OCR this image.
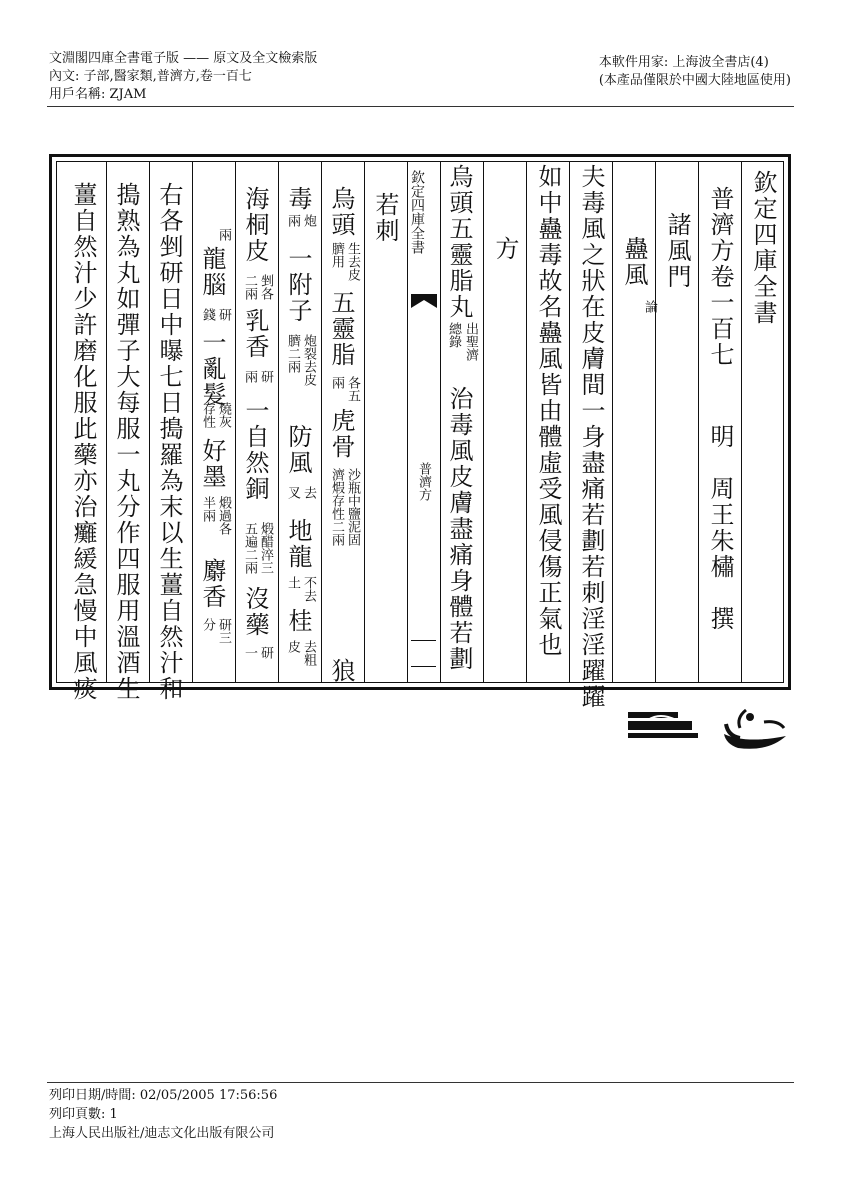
文淵閣四庫全書電子版 —— 原文及全文檢索版
內文: 子部,醫家類,普濟方,卷一百七
用戶名稱: ZJAM
本軟件用家: 上海波全書店(4)
(本產品僅限於中國大陸地區使用)
欽定四庫全書
普濟方卷一百七
明　周王朱橚　撰
諸風門
蠱風
論
夫毒風之狀在皮膚間一身盡痛若劃若刺淫淫躍躍
如中蠱毒故名蠱風皆由體虛受風侵傷正氣也
方
烏頭五靈脂丸
出聖濟
總錄
治毒風皮膚盡痛身體若劃
欽定四庫全書
普濟方
若刺
烏頭
生去皮
臍用
五靈脂
各五
兩
虎骨
沙瓶中鹽泥固
濟煆存性二兩
狼
毒
炮
兩
一附子
炮裂去皮
臍二兩
防風
去
叉
地龍
不去
土
桂
去粗
皮
海桐皮
剉各
二兩
乳香
研
兩
一自然銅
煅醋淬三
五遍二兩
沒藥
研
一
兩
龍腦
研
錢
一亂髮
燒灰
存性
好墨
煅過各
半兩
麝香
研三
分
右各剉研日中曝七日搗羅為末以生薑自然汁和
搗熟為丸如彈子大每服一丸分作四服用溫酒生
薑自然汁少許磨化服此藥亦治癱緩急慢中風痰
列印日期/時間: 02/05/2005 17:56:56
列印頁數: 1
上海人民出版社/迪志文化出版有限公司
